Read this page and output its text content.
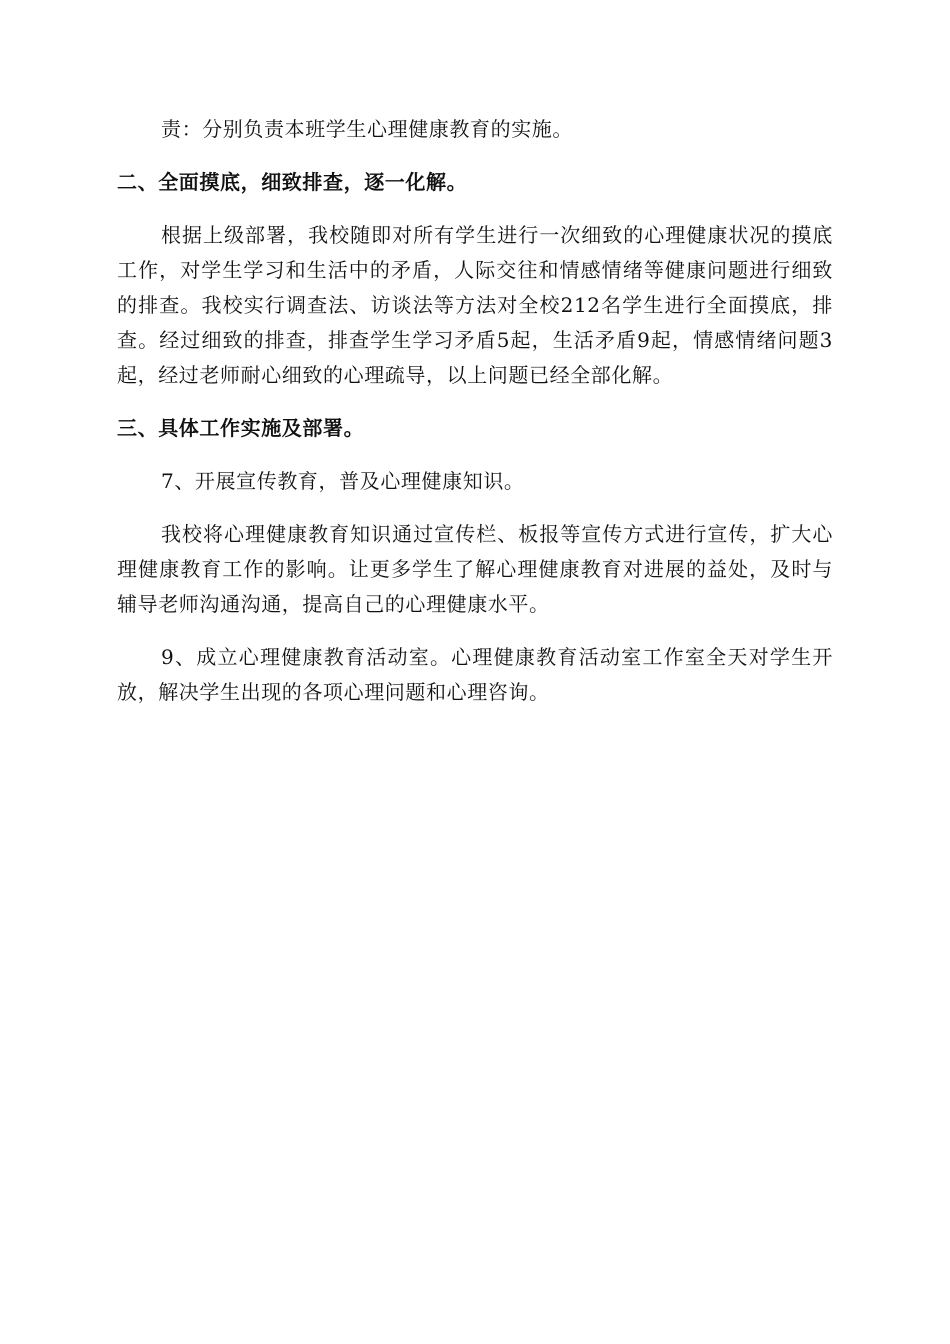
责：分别负责本班学生心理健康教育的实施。

二、全面摸底，细致排查，逐一化解。

根据上级部署，我校随即对所有学生进行一次细致的心理健康状况的摸底工作，对学生学习和生活中的矛盾，人际交往和情感情绪等健康问题进行细致的排查。我校实行调查法、访谈法等方法对全校212名学生进行全面摸底，排查。经过细致的排查，排查学生学习矛盾5起，生活矛盾9起，情感情绪问题3起，经过老师耐心细致的心理疏导，以上问题已经全部化解。

三、具体工作实施及部署。

7、开展宣传教育，普及心理健康知识。

我校将心理健康教育知识通过宣传栏、板报等宣传方式进行宣传，扩大心理健康教育工作的影响。让更多学生了解心理健康教育对进展的益处，及时与辅导老师沟通沟通，提高自己的心理健康水平。

9、成立心理健康教育活动室。心理健康教育活动室工作室全天对学生开放，解决学生出现的各项心理问题和心理咨询。
